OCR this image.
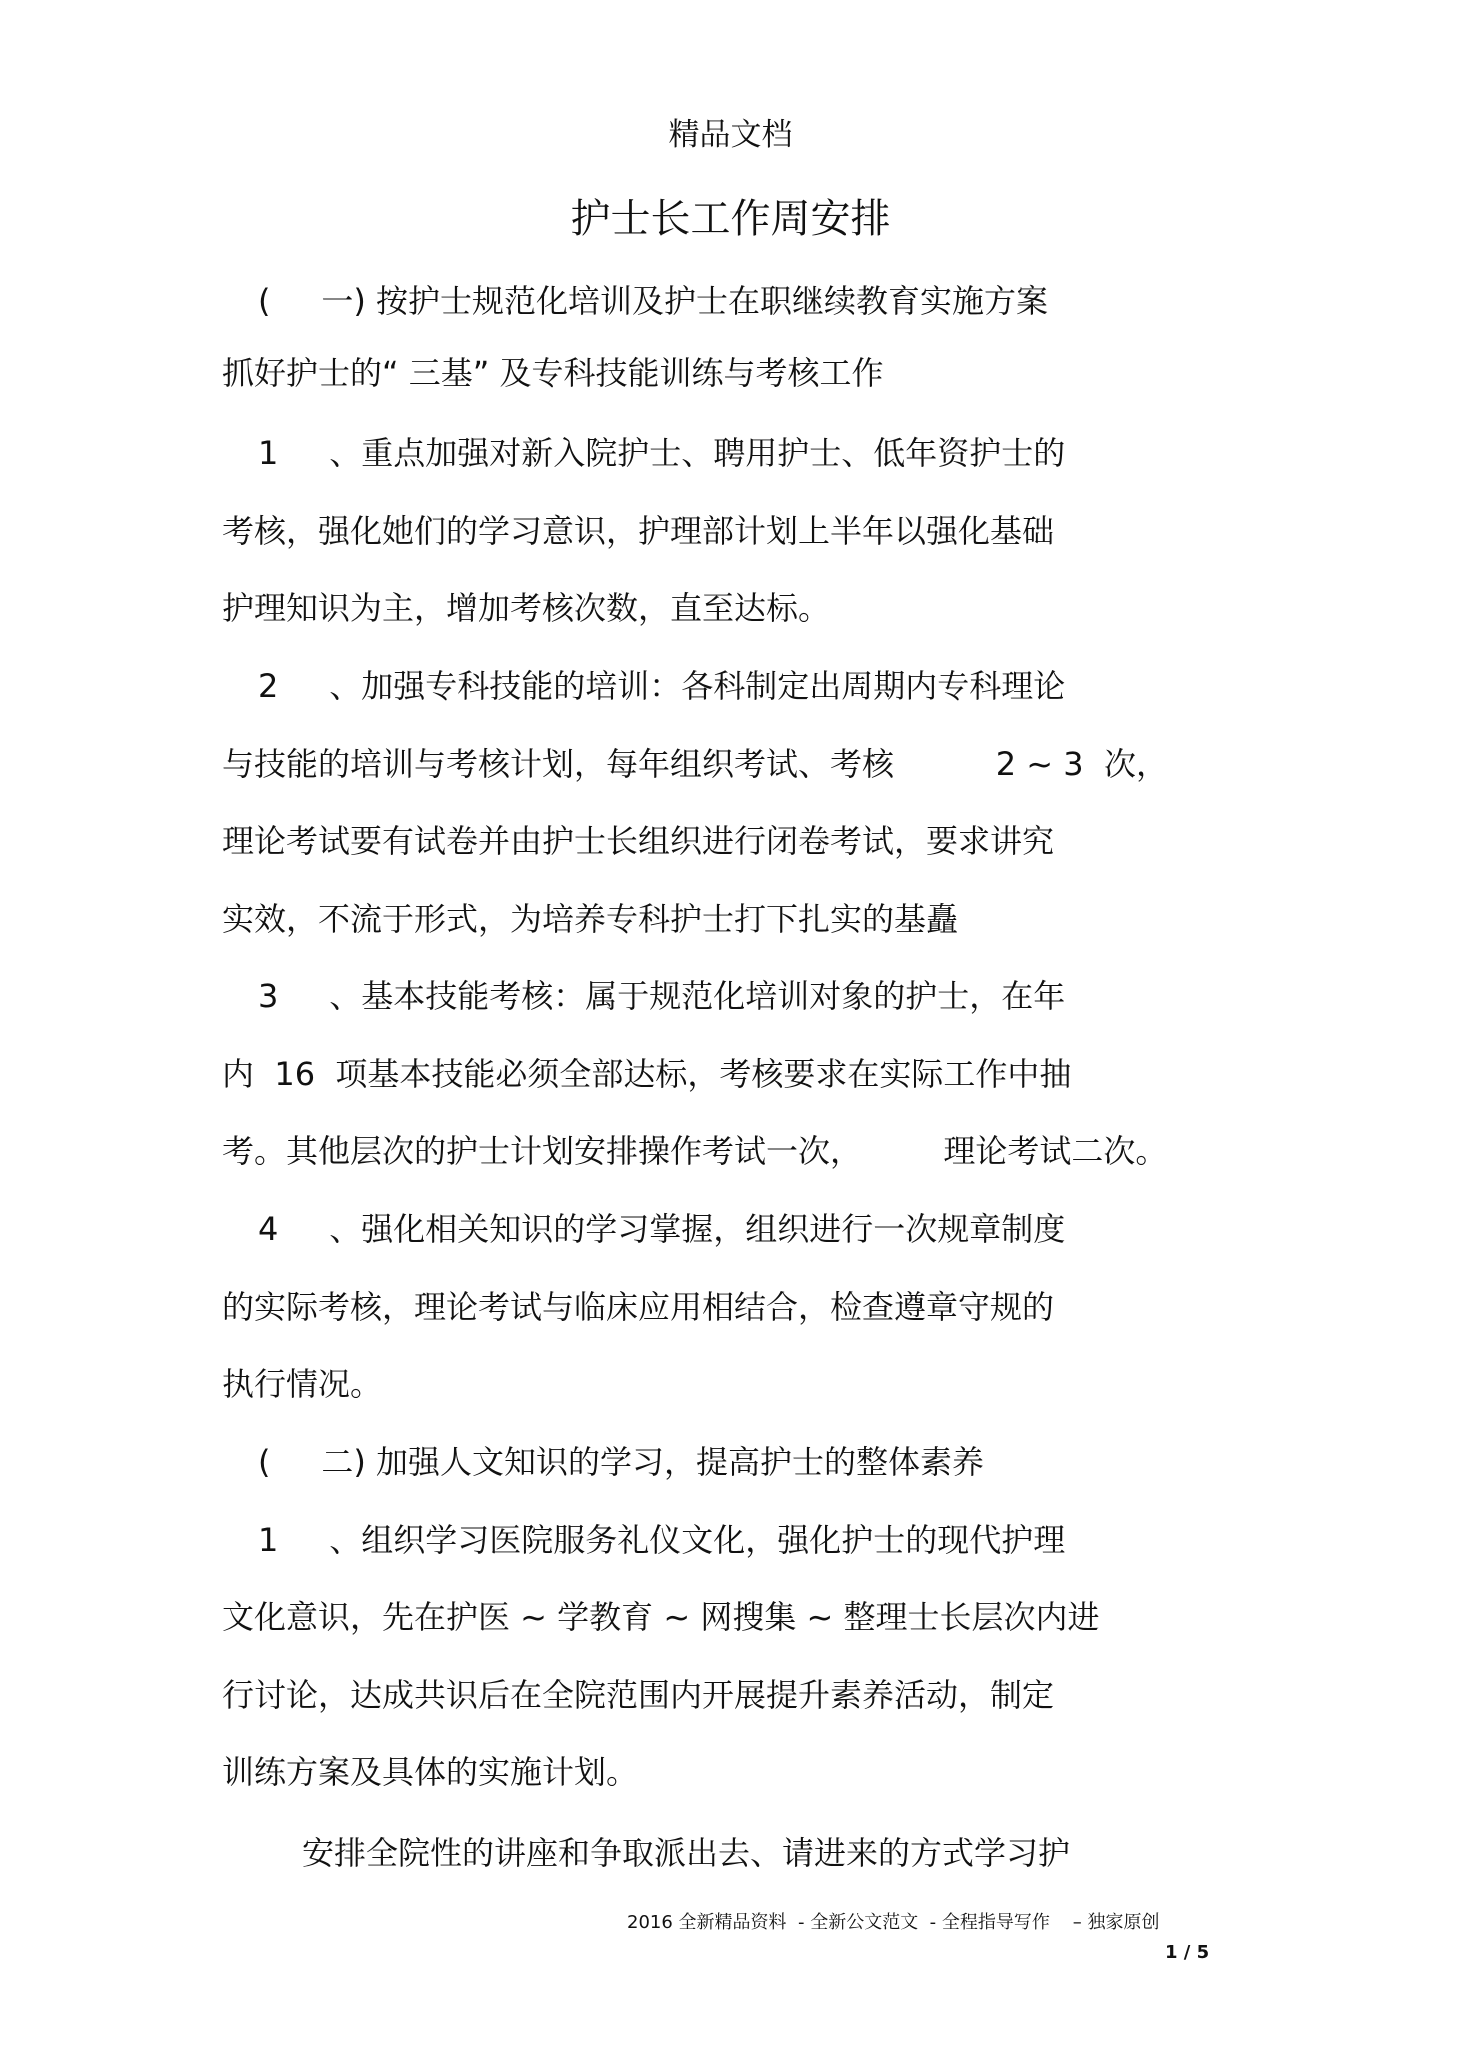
精品文档
护士长工作周安排
(     一) 按护士规范化培训及护士在职继续教育实施方案
抓好护士的“ 三基” 及专科技能训练与考核工作
1     、重点加强对新入院护士、聘用护士、低年资护士的
考核，强化她们的学习意识，护理部计划上半年以强化基础
护理知识为主，增加考核次数，直至达标。
2     、加强专科技能的培训：各科制定出周期内专科理论
与技能的培训与考核计划，每年组织考试、考核          2 ~ 3  次，
理论考试要有试卷并由护士长组织进行闭卷考试，要求讲究
实效，不流于形式，为培养专科护士打下扎实的基矗
3     、基本技能考核：属于规范化培训对象的护士，在年
内  16  项基本技能必须全部达标，考核要求在实际工作中抽
考。其他层次的护士计划安排操作考试一次，        理论考试二次。
4     、强化相关知识的学习掌握，组织进行一次规章制度
的实际考核，理论考试与临床应用相结合，检查遵章守规的
执行情况。
(     二) 加强人文知识的学习，提高护士的整体素养
1     、组织学习医院服务礼仪文化，强化护士的现代护理
文化意识，先在护医 ~ 学教育 ~ 网搜集 ~ 整理士长层次内进
行讨论，达成共识后在全院范围内开展提升素养活动，制定
训练方案及具体的实施计划。
安排全院性的讲座和争取派出去、请进来的方式学习护
2016 全新精品资料  - 全新公文范文  - 全程指导写作    – 独家原创
1 / 5
